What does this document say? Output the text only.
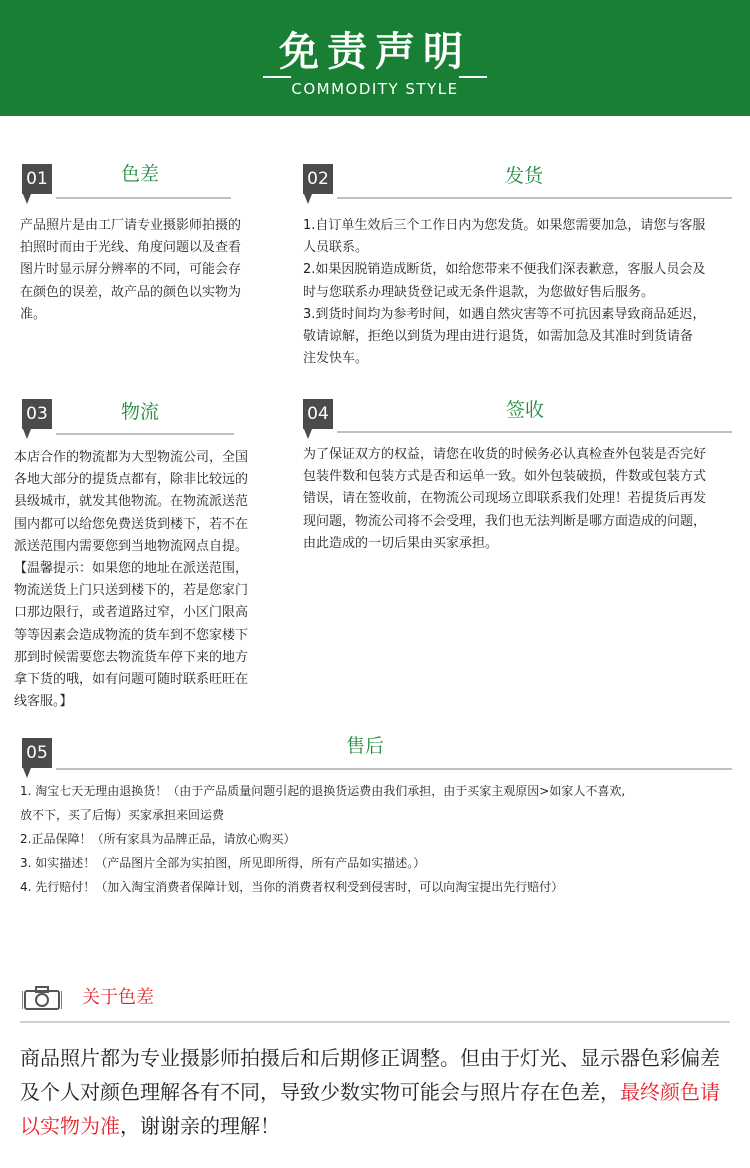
免责声明
COMMODITY STYLE
01	色差

产品照片是由工厂请专业摄影师拍摄的

拍照时而由于光线、角度问题以及查看

图片时显示屏分辨率的不同，可能会存

在颜色的误差，故产品的颜色以实物为

准。

02	发货

1.自订单生效后三个工作日内为您发货。如果您需要加急，请您与客服

人员联系。

2.如果因脱销造成断货，如给您带来不便我们深表歉意，客服人员会及

时与您联系办理缺货登记或无条件退款，为您做好售后服务。

3.到货时间均为参考时间，如遇自然灾害等不可抗因素导致商品延迟，

敬请谅解，拒绝以到货为理由进行退货，如需加急及其准时到货请备

注发快车。

03	物流

本店合作的物流都为大型物流公司，全国

各地大部分的提货点都有，除非比较远的

县级城市，就发其他物流。在物流派送范

围内都可以给您免费送货到楼下，若不在

派送范围内需要您到当地物流网点自提。

【温馨提示：如果您的地址在派送范围，

物流送货上门只送到楼下的，若是您家门

口那边限行，或者道路过窄，小区门限高

等等因素会造成物流的货车到不您家楼下

那到时候需要您去物流货车停下来的地方

拿下货的哦，如有问题可随时联系旺旺在

线客服。】

04	签收

为了保证双方的权益，请您在收货的时候务必认真检查外包装是否完好

包装件数和包装方式是否和运单一致。如外包装破损，件数或包装方式

错误，请在签收前，在物流公司现场立即联系我们处理！若提货后再发

现问题，物流公司将不会受理，我们也无法判断是哪方面造成的问题，

由此造成的一切后果由买家承担。

05	售后

1. 淘宝七天无理由退换货！（由于产品质量问题引起的退换货运费由我们承担，由于买家主观原因>如家人不喜欢,

放不下，买了后悔）买家承担来回运费

2.正品保障！（所有家具为品牌正品，请放心购买）

3. 如实描述！（产品图片全部为实拍图，所见即所得，所有产品如实描述。）

4. 先行赔付！（加入淘宝消费者保障计划，当你的消费者权利受到侵害时，可以向淘宝提出先行赔付）

关于色差
商品照片都为专业摄影师拍摄后和后期修正调整。但由于灯光、显示器色彩偏差及个人对颜色理解各有不同，导致少数实物可能会与照片存在色差，最终颜色请以实物为准，谢谢亲的理解！
